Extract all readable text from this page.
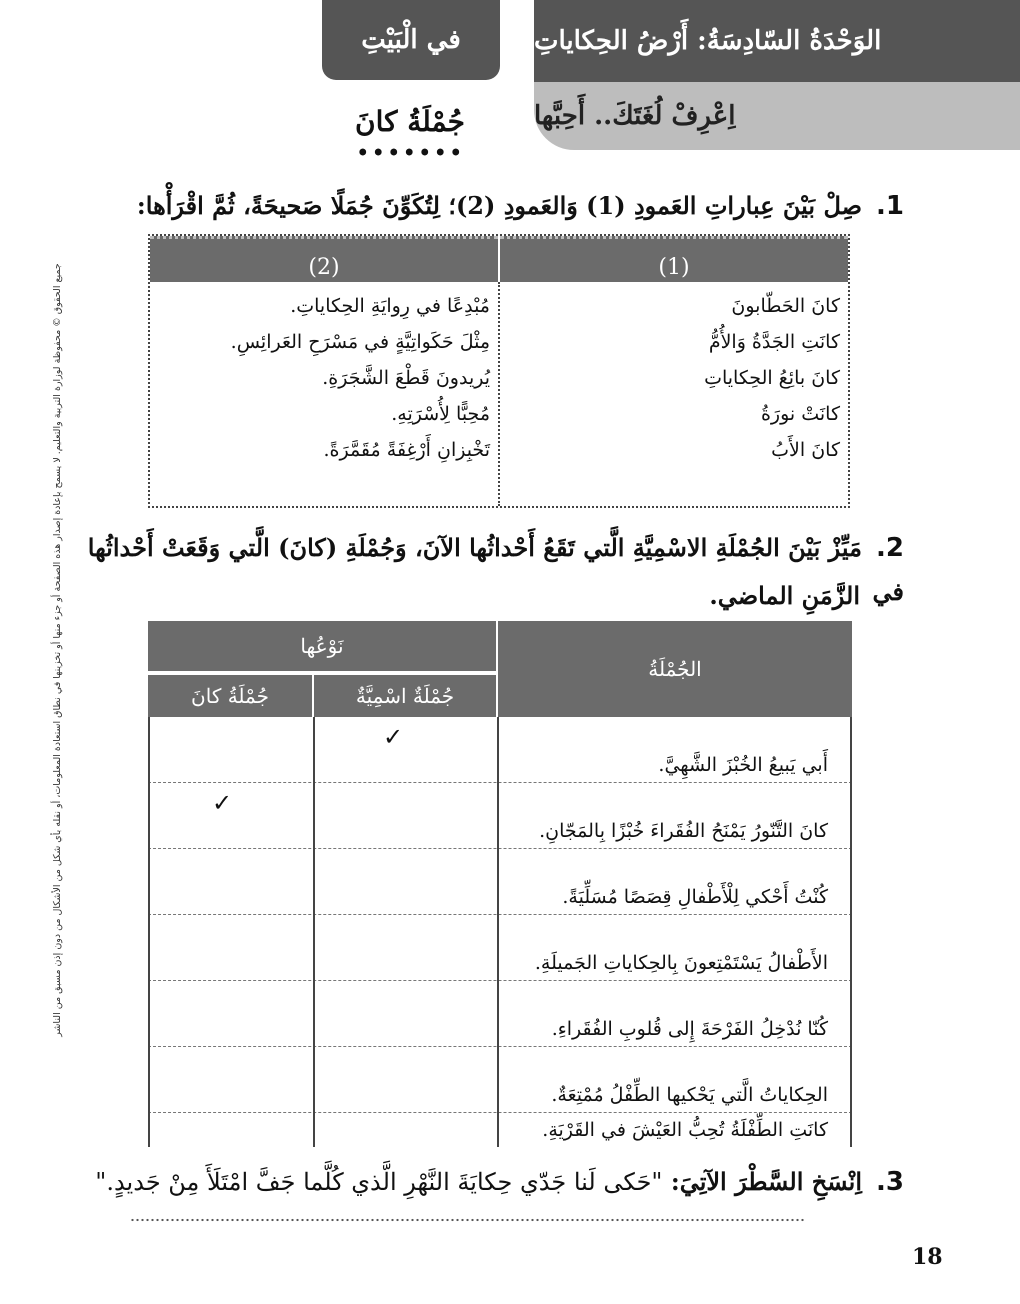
في الْبَيْتِ	الوَحْدَةُ السّادِسَةُ: أَرْضُ الحِكاياتِ
اِعْرِفْ لُغَتَكَ.. أَحِبَّها
جُمْلَةُ كانَ
جميع الحقوق © محفوظة لوزارة التربية والتعليم. لا يسمح بإعادة إصدار هذه الصفحة أو جزء منها أو تخزينها في نطاق استعادة المعلومات، أو نقله بأي شكل من الأشكال من دون إذن مسبق من الناشر
1.صِلْ بَيْنَ عِباراتِ العَمودِ (1) وَالعَمودِ (2)؛ لِتُكَوِّنَ جُمَلًا صَحيحَةً، ثُمَّ اقْرَأْها:
(2)	(1)
كانَ الحَطّابونَ
كانَتِ الجَدَّةُ وَالأُمُّ
كانَ بائِعُ الحِكاياتِ
كانَتْ نورَةُ
كانَ الأَبُ
مُبْدِعًا في رِوايَةِ الحِكاياتِ.
مِثْلَ حَكَواتِيَّةٍ في مَسْرَحِ العَرائِسِ.
يُريدونَ قَطْعَ الشَّجَرَةِ.
مُحِبًّا لِأُسْرَتِهِ.
تَخْبِزانِ أَرْغِفَةً مُقَمَّرَةً.
2.مَيِّزْ بَيْنَ الجُمْلَةِ الاسْمِيَّةِ الَّتي تَقَعُ أَحْداثُها الآنَ، وَجُمْلَةِ (كانَ) الَّتي وَقَعَتْ أَحْداثُها في
الزَّمَنِ الماضي.
الجُمْلَةُ
نَوْعُها
جُمْلَةٌ اسْمِيَّةٌ
جُمْلَةُ كانَ
أَبي يَبيعُ الخُبْزَ الشَّهِيَّ.
✓
كانَ التَّنّورُ يَمْنَحُ الفُقَراءَ خُبْزًا بِالمَجّانِ.
✓
كُنْتُ أَحْكي لِلْأَطْفالِ قِصَصًا مُسَلِّيَةً.
الأَطْفالُ يَسْتَمْتِعونَ بِالحِكاياتِ الجَميلَةِ.
كُنّا نُدْخِلُ الفَرْحَةَ إِلى قُلوبِ الفُقَراءِ.
الحِكاياتُ الَّتي يَحْكيها الطِّفْلُ مُمْتِعَةٌ.
كانَتِ الطِّفْلَةُ تُحِبُّ العَيْشَ في القَرْيَةِ.
3.اِنْسَخِ السَّطْرَ الآتِيَ: "حَكى لَنا جَدّي حِكايَةَ النَّهْرِ الَّذي كُلَّما جَفَّ امْتَلَأَ مِنْ جَديدٍ."
18
